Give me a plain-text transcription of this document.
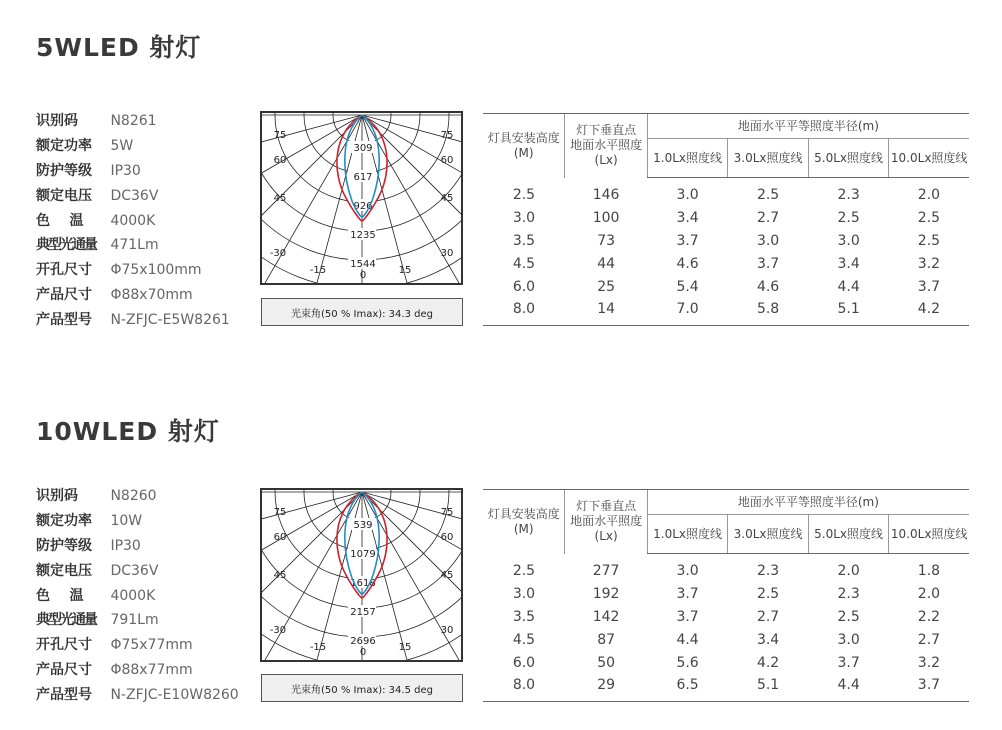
5WLED 射灯
识别码 N8261
额定功率 5W
防护等级 IP30
额定电压 DC36V
色    温 4000K
典型光通量 471Lm
开孔尺寸 Φ75x100mm
产品尺寸 Φ88x70mm
产品型号 N-ZFJC-E5W8261
75
60
45
-30
-15	0	15
30
45
60
75
309
617
926
1235
1544
光束角(50 % Imax): 34.3 deg
灯具安装高度
(M)	灯下垂直点
地面水平照度
(Lx)	地面水平平等照度半径(m)			
		1.0Lx照度线	3.0Lx照度线	5.0Lx照度线	10.0Lx照度线
2.5	146	3.0	2.5	2.3	2.0
3.0	100	3.4	2.7	2.5	2.5
3.5	73	3.7	3.0	3.0	2.5
4.5	44	4.6	3.7	3.4	3.2
6.0	25	5.4	4.6	4.4	3.7
8.0	14	7.0	5.8	5.1	4.2
10WLED 射灯
识别码 N8260
额定功率 10W
防护等级 IP30
额定电压 DC36V
色    温 4000K
典型光通量 791Lm
开孔尺寸 Φ75x77mm
产品尺寸 Φ88x77mm
产品型号 N-ZFJC-E10W8260
75
60
45
-30
-15	0	15
30
45
60
75
539
1079
1618
2157
2696
光束角(50 % Imax): 34.5 deg
灯具安装高度
(M)	灯下垂直点
地面水平照度
(Lx)	地面水平平等照度半径(m)			
		1.0Lx照度线	3.0Lx照度线	5.0Lx照度线	10.0Lx照度线
2.5	277	3.0	2.3	2.0	1.8
3.0	192	3.7	2.5	2.3	2.0
3.5	142	3.7	2.7	2.5	2.2
4.5	87	4.4	3.4	3.0	2.7
6.0	50	5.6	4.2	3.7	3.2
8.0	29	6.5	5.1	4.4	3.7
